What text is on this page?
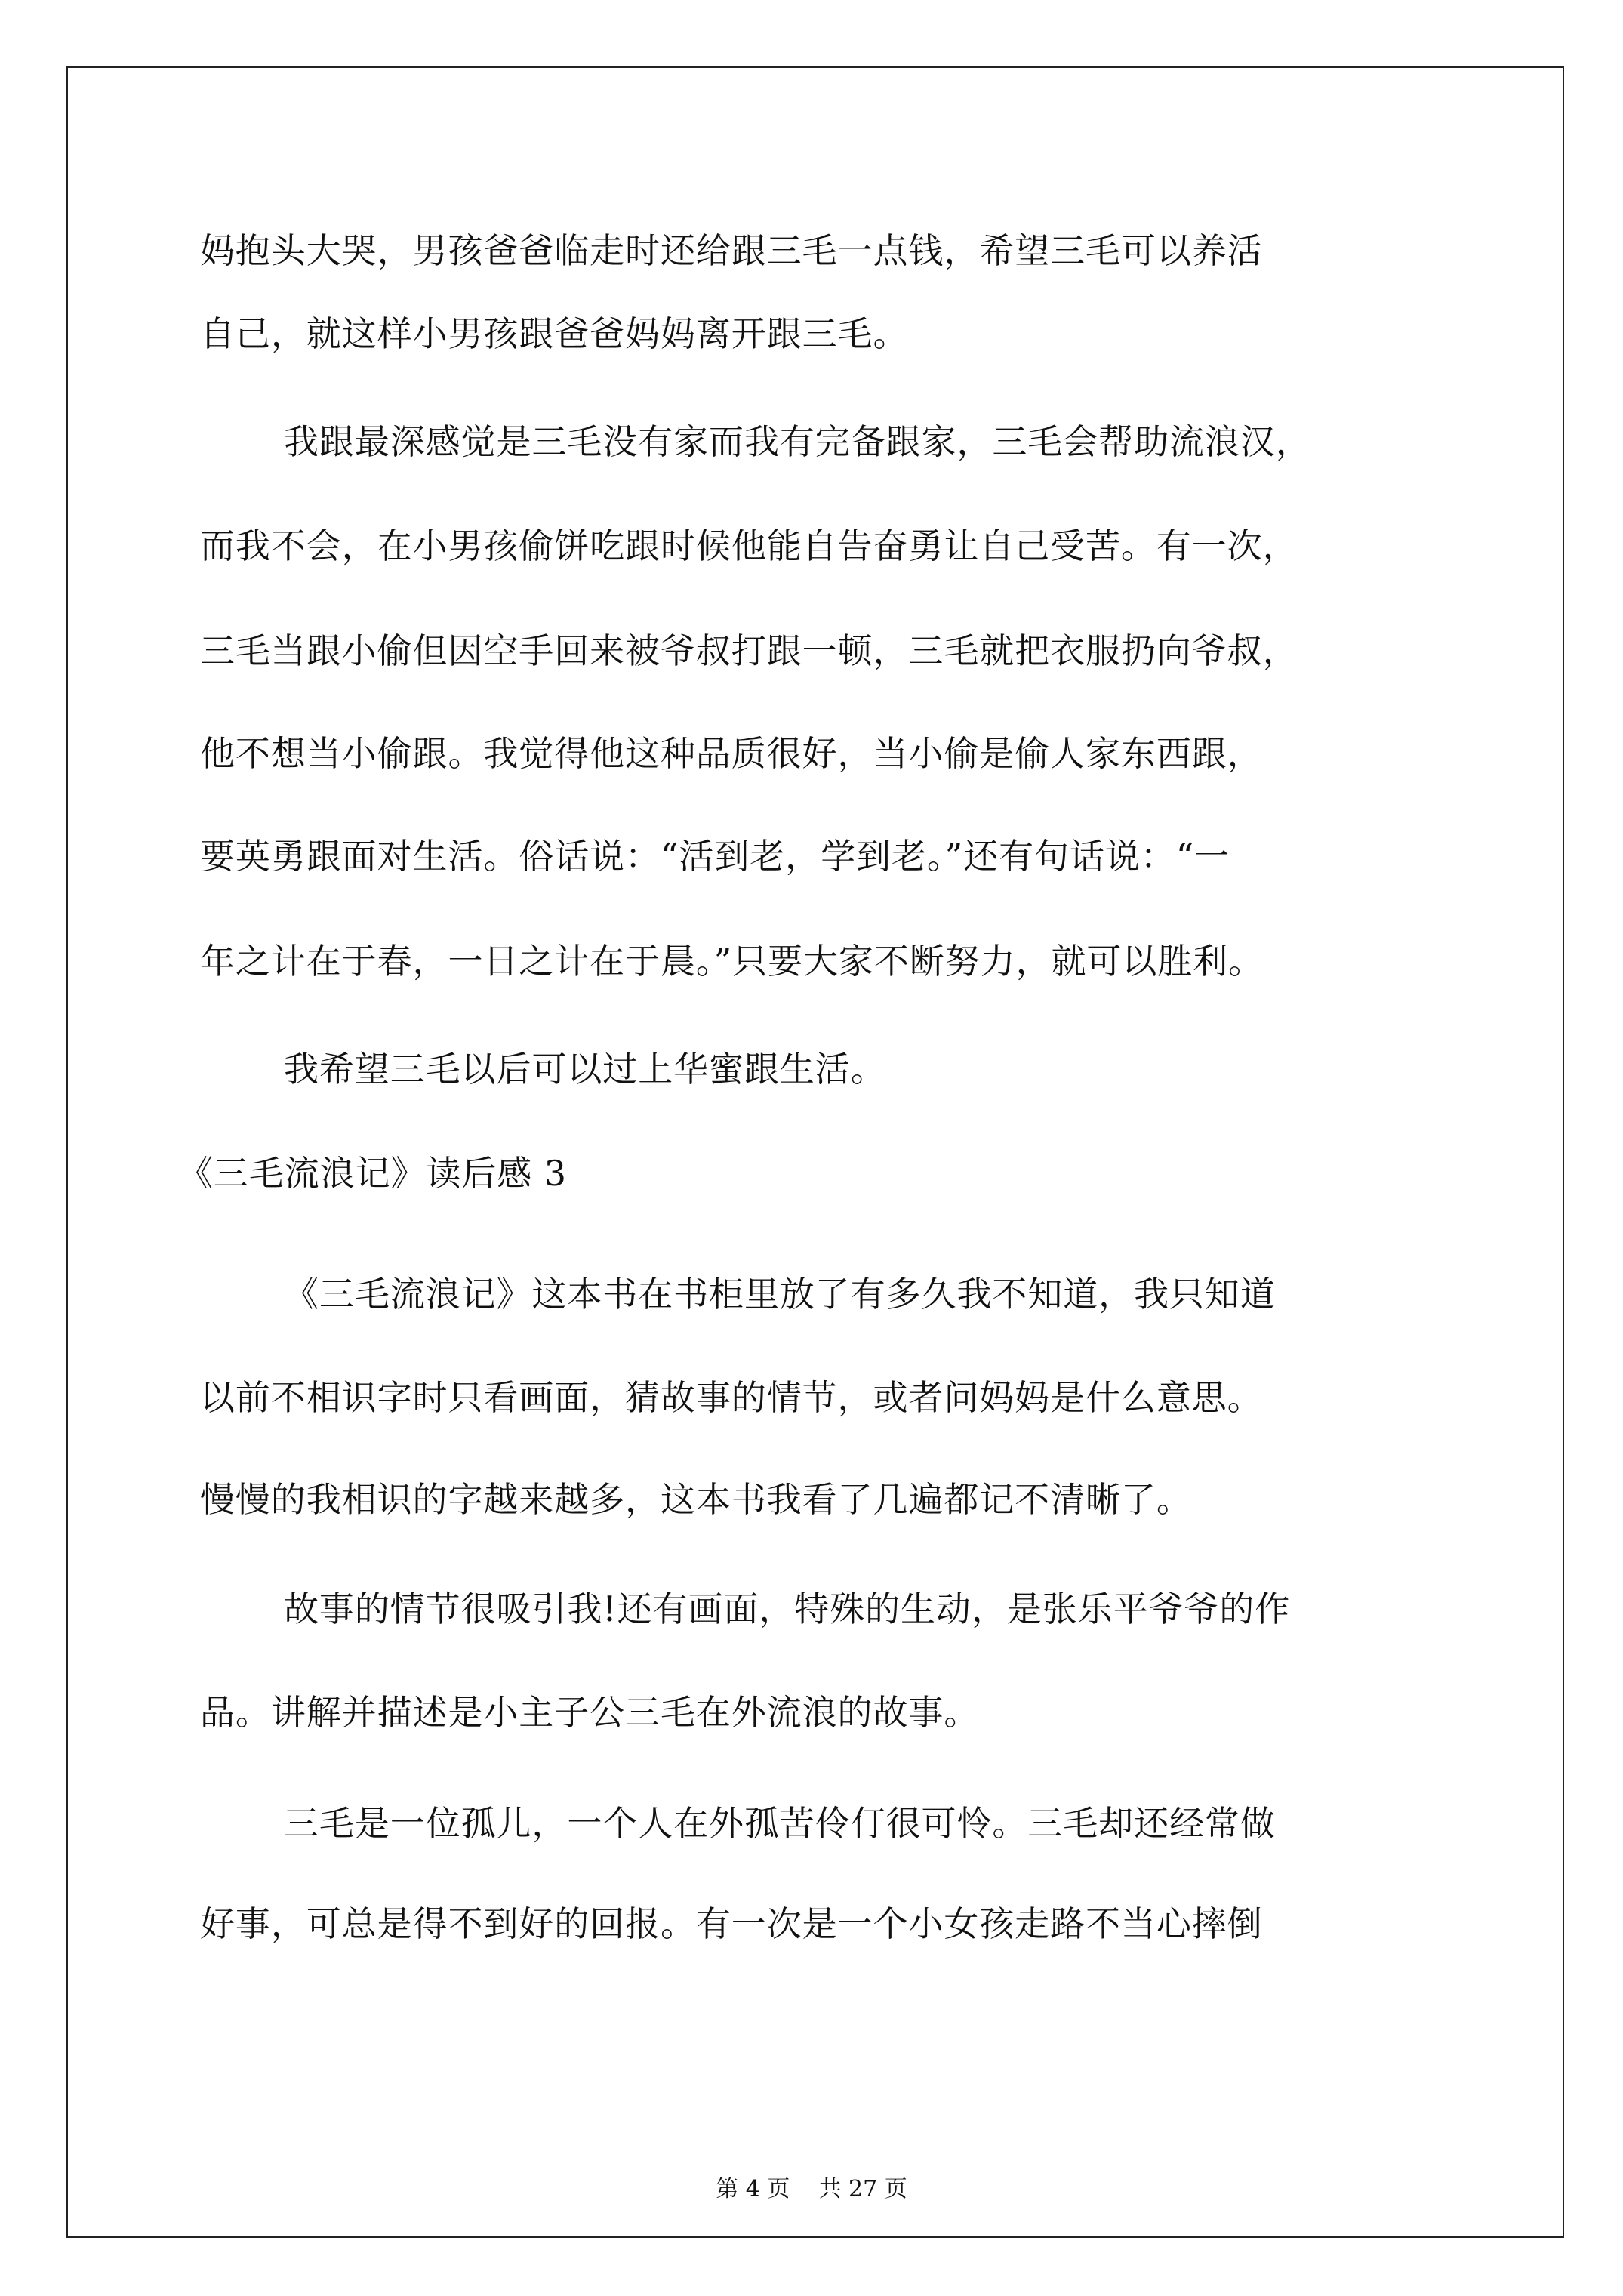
妈抱头大哭，男孩爸爸临走时还给跟三毛一点钱，希望三毛可以养活
自己，就这样小男孩跟爸爸妈妈离开跟三毛。
我跟最深感觉是三毛没有家而我有完备跟家，三毛会帮助流浪汉，
而我不会，在小男孩偷饼吃跟时候他能自告奋勇让自己受苦。有一次，
三毛当跟小偷但因空手回来被爷叔打跟一顿，三毛就把衣服扔向爷叔，
他不想当小偷跟。我觉得他这种品质很好，当小偷是偷人家东西跟，
要英勇跟面对生活。俗话说：“活到老，学到老。”还有句话说：“一
年之计在于春，一日之计在于晨。”只要大家不断努力，就可以胜利。
我希望三毛以后可以过上华蜜跟生活。
《三毛流浪记》读后感 3
《三毛流浪记》这本书在书柜里放了有多久我不知道，我只知道
以前不相识字时只看画面，猜故事的情节，或者问妈妈是什么意思。
慢慢的我相识的字越来越多，这本书我看了几遍都记不清晰了。
故事的情节很吸引我!还有画面，特殊的生动，是张乐平爷爷的作
品。讲解并描述是小主子公三毛在外流浪的故事。
三毛是一位孤儿，一个人在外孤苦伶仃很可怜。三毛却还经常做
好事，可总是得不到好的回报。有一次是一个小女孩走路不当心摔倒
第 4 页    共 27 页
